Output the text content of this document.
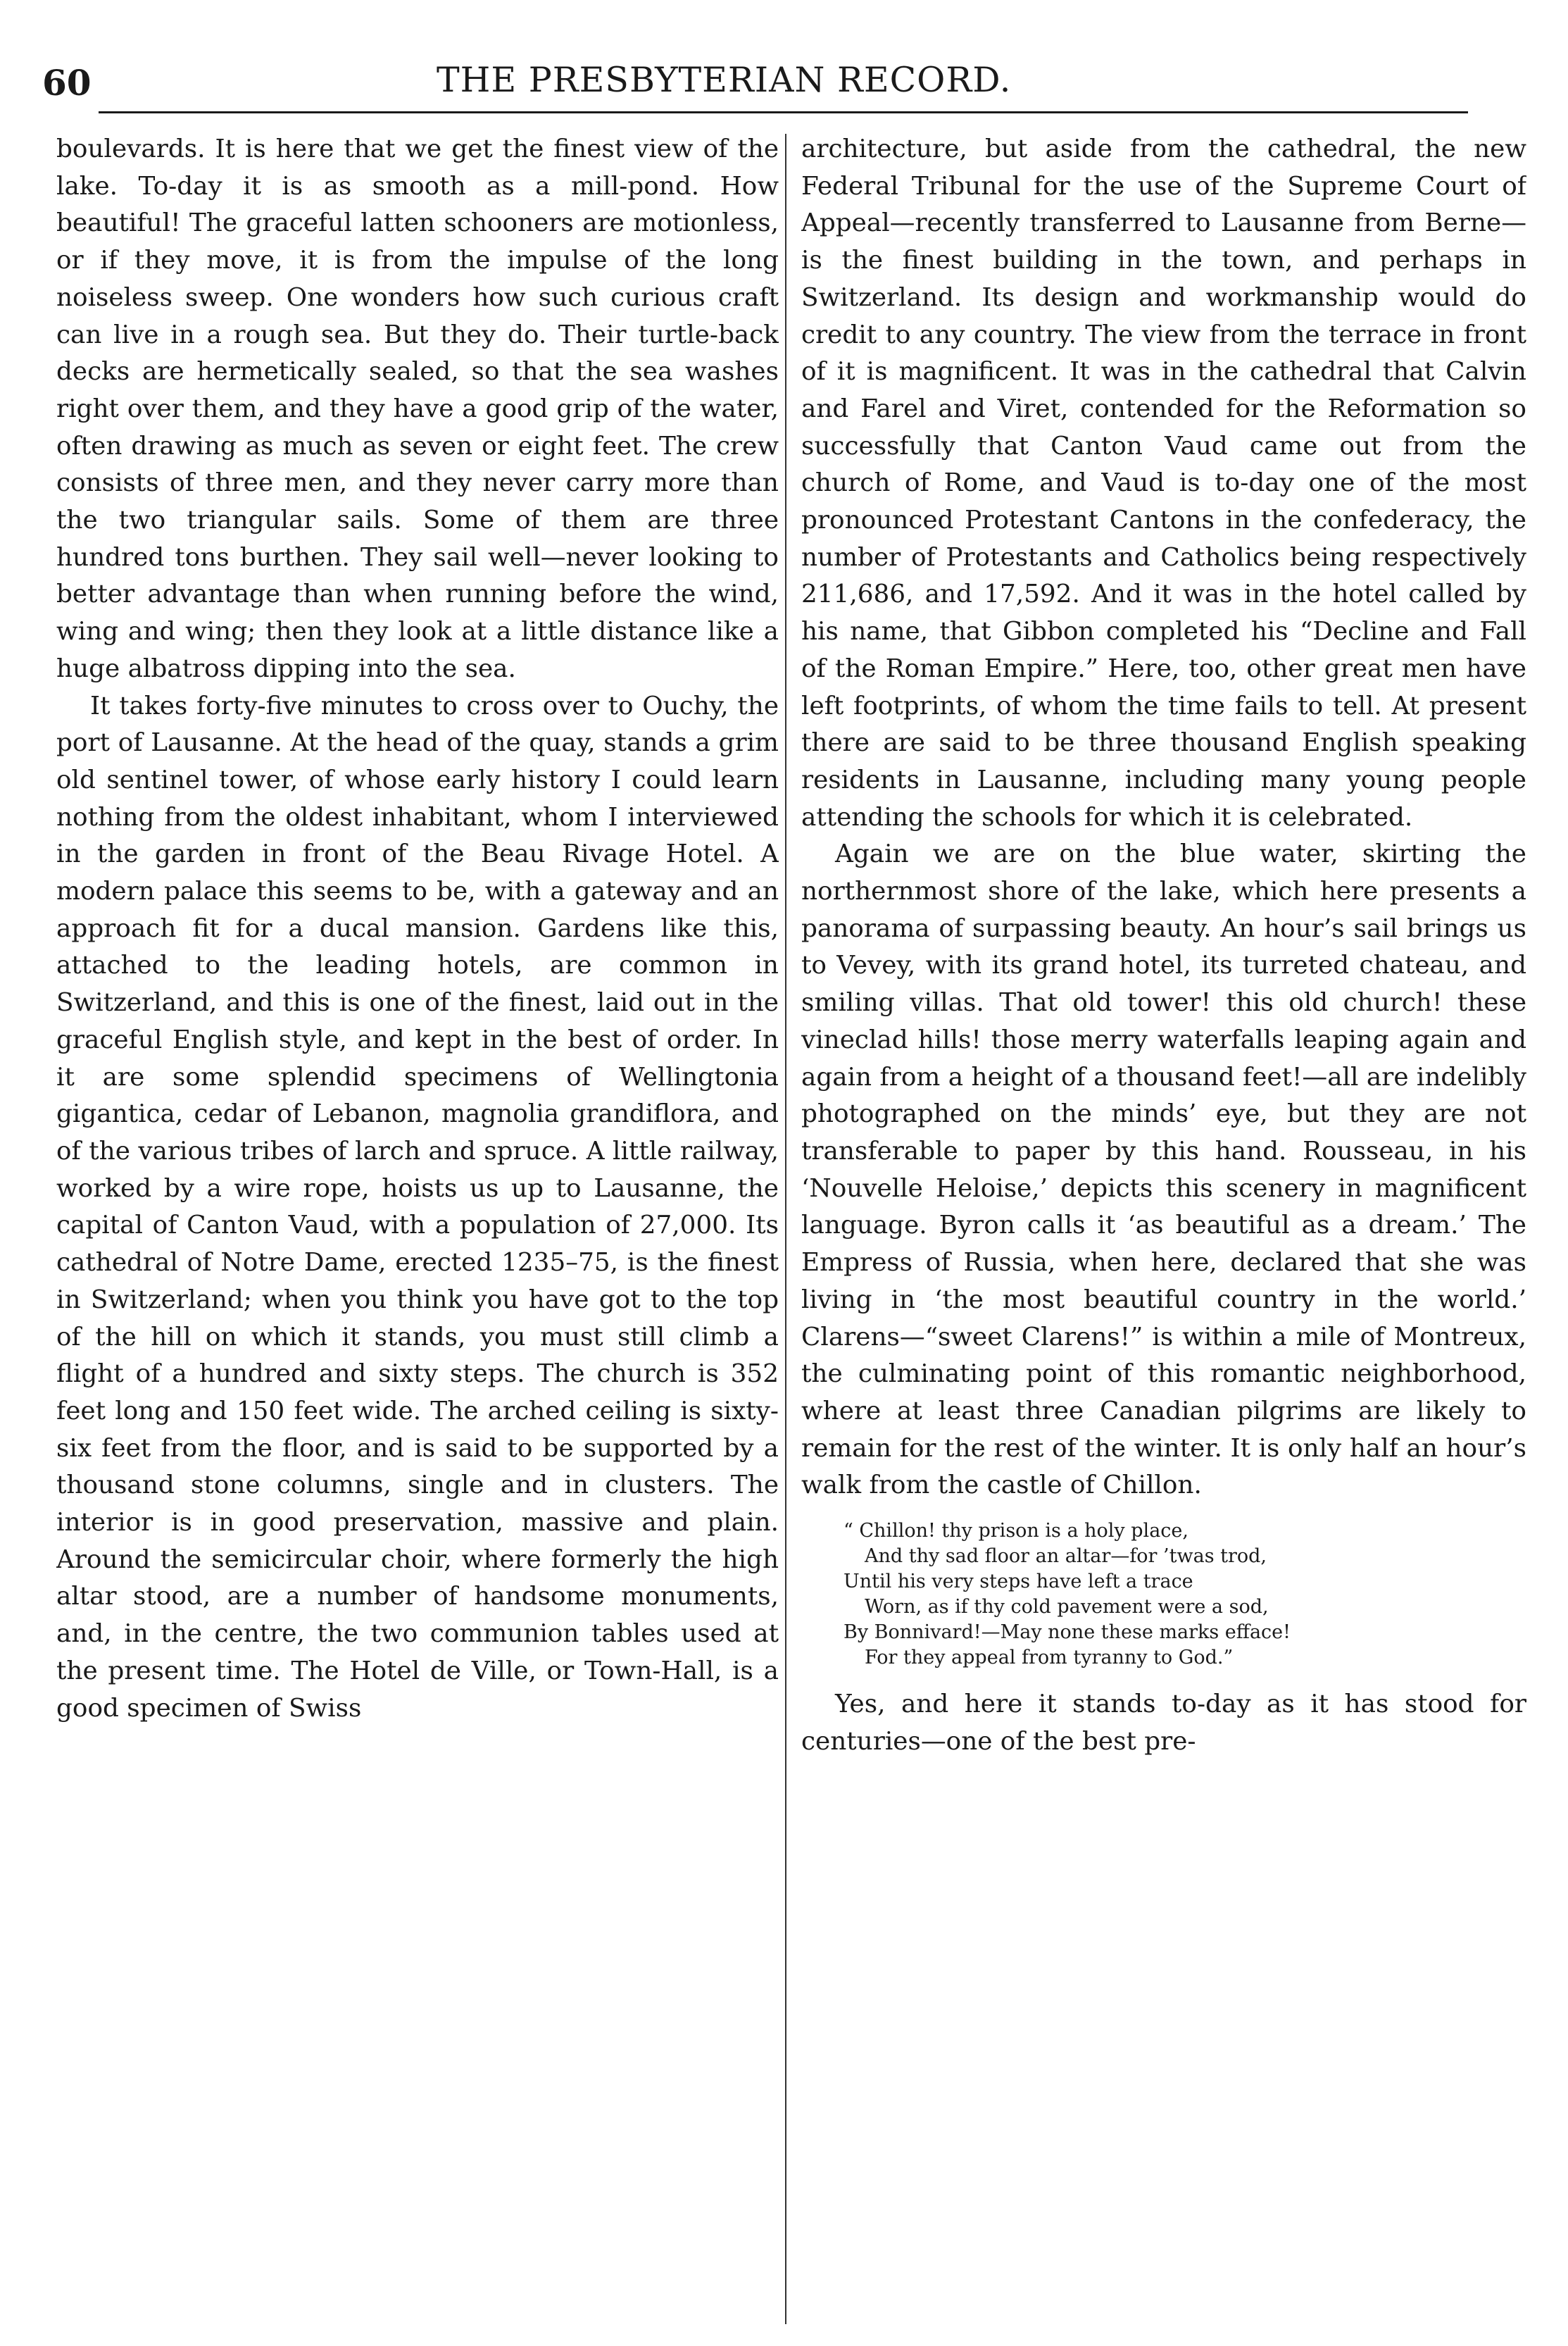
60	THE PRESBYTERIAN RECORD.

boulevards. It is here that we get the finest view of the lake. To-day it is as smooth as a mill-pond. How beautiful! The graceful latten schooners are motionless, or if they move, it is from the impulse of the long noiseless sweep. One wonders how such curious craft can live in a rough sea. But they do. Their turtle-back decks are hermetically sealed, so that the sea washes right over them, and they have a good grip of the water, often drawing as much as seven or eight feet. The crew consists of three men, and they never carry more than the two triangular sails. Some of them are three hundred tons burthen. They sail well—never looking to better advantage than when running before the wind, wing and wing; then they look at a little distance like a huge albatross dipping into the sea.

It takes forty-five minutes to cross over to Ouchy, the port of Lausanne. At the head of the quay, stands a grim old sentinel tower, of whose early history I could learn nothing from the oldest inhabitant, whom I interviewed in the garden in front of the Beau Rivage Hotel. A modern palace this seems to be, with a gateway and an approach fit for a ducal mansion. Gardens like this, attached to the leading hotels, are common in Switzerland, and this is one of the finest, laid out in the graceful English style, and kept in the best of order. In it are some splendid specimens of Wellingtonia gigantica, cedar of Lebanon, magnolia grandiflora, and of the various tribes of larch and spruce. A little railway, worked by a wire rope, hoists us up to Lausanne, the capital of Canton Vaud, with a population of 27,000. Its cathedral of Notre Dame, erected 1235–75, is the finest in Switzerland; when you think you have got to the top of the hill on which it stands, you must still climb a flight of a hundred and sixty steps. The church is 352 feet long and 150 feet wide. The arched ceiling is sixty-six feet from the floor, and is said to be supported by a thousand stone columns, single and in clusters. The interior is in good preservation, massive and plain. Around the semicircular choir, where formerly the high altar stood, are a number of handsome monuments, and, in the centre, the two communion tables used at the present time. The Hotel de Ville, or Town-Hall, is a good specimen of Swiss

architecture, but aside from the cathedral, the new Federal Tribunal for the use of the Supreme Court of Appeal—recently transferred to Lausanne from Berne—is the finest building in the town, and perhaps in Switzerland. Its design and workmanship would do credit to any country. The view from the terrace in front of it is magnificent. It was in the cathedral that Calvin and Farel and Viret, contended for the Reformation so successfully that Canton Vaud came out from the church of Rome, and Vaud is to-day one of the most pronounced Protestant Cantons in the confederacy, the number of Protestants and Catholics being respectively 211,686, and 17,592. And it was in the hotel called by his name, that Gibbon completed his “Decline and Fall of the Roman Empire.” Here, too, other great men have left footprints, of whom the time fails to tell. At present there are said to be three thousand English speaking residents in Lausanne, including many young people attending the schools for which it is celebrated.

Again we are on the blue water, skirting the northernmost shore of the lake, which here presents a panorama of surpassing beauty. An hour’s sail brings us to Vevey, with its grand hotel, its turreted chateau, and smiling villas. That old tower! this old church! these vineclad hills! those merry waterfalls leaping again and again from a height of a thousand feet!—all are indelibly photographed on the minds’ eye, but they are not transferable to paper by this hand. Rousseau, in his ‘Nouvelle Heloise,’ depicts this scenery in magnificent language. Byron calls it ‘as beautiful as a dream.’ The Empress of Russia, when here, declared that she was living in ‘the most beautiful country in the world.’ Clarens—“sweet Clarens!” is within a mile of Montreux, the culminating point of this romantic neighborhood, where at least three Canadian pilgrims are likely to remain for the rest of the winter. It is only half an hour’s walk from the castle of Chillon.

“ Chillon! thy prison is a holy place,
And thy sad floor an altar—for ’twas trod,
Until his very steps have left a trace
Worn, as if thy cold pavement were a sod,
By Bonnivard!—May none these marks efface!
For they appeal from tyranny to God.”

Yes, and here it stands to-day as it has stood for centuries—one of the best pre-
